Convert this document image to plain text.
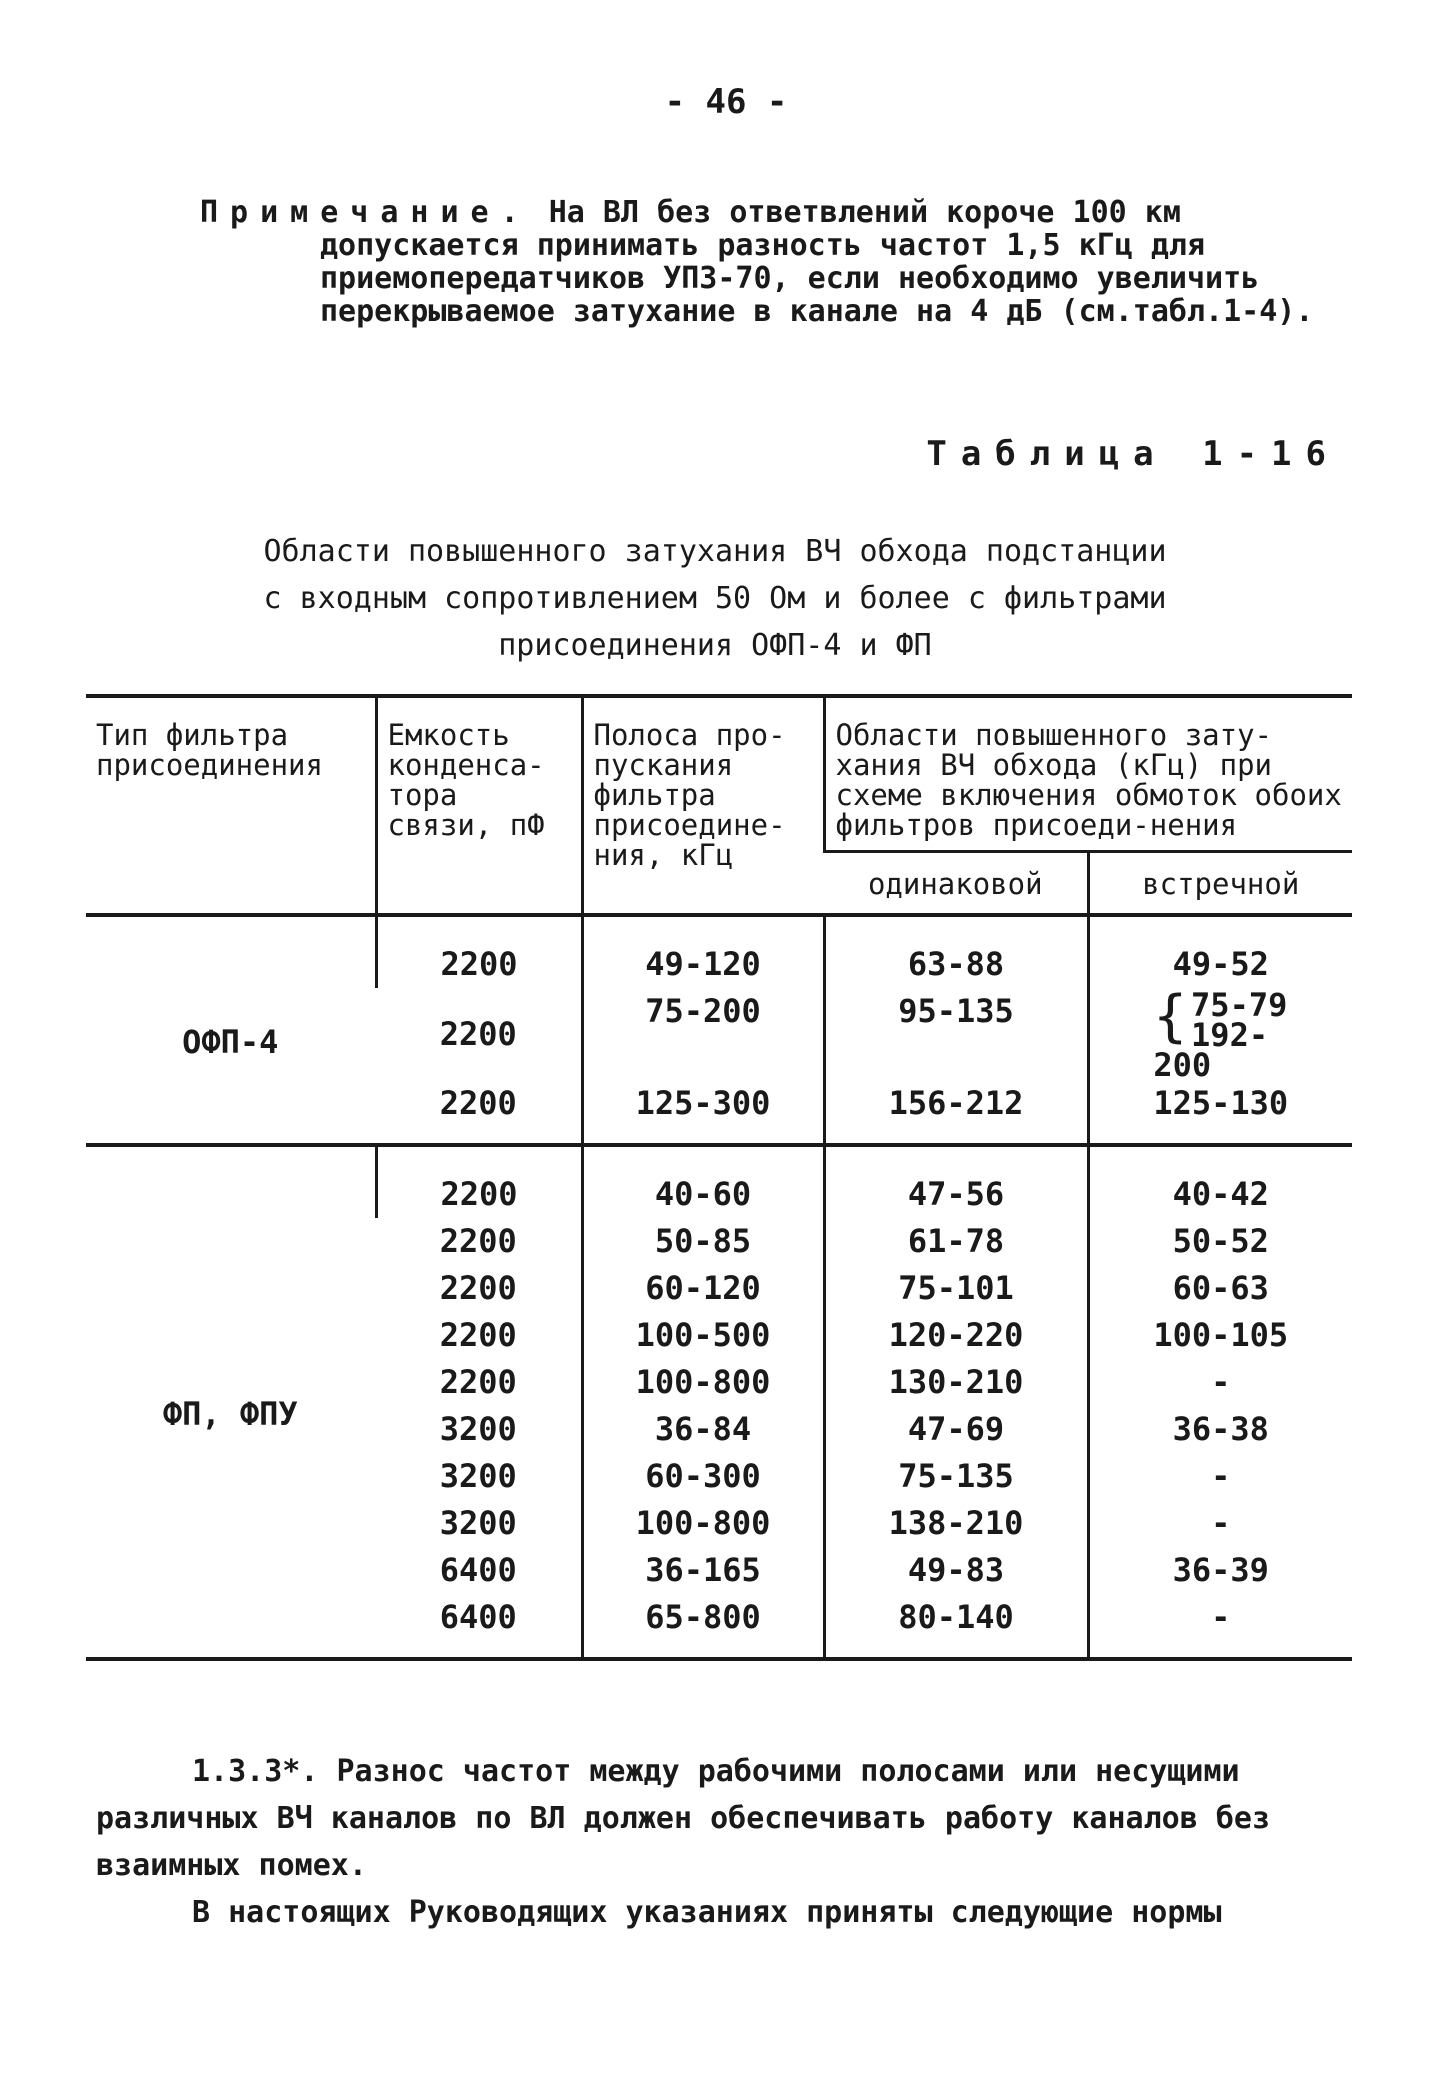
- 46 -
Примечание. На ВЛ без ответвлений короче 100 км
допускается принимать разность частот 1,5 кГц для
приемопередатчиков УПЗ-70, если необходимо увеличить
перекрываемое затухание в канале на 4 дБ (см.табл.1-4).
Таблица 1-16
Области повышенного затухания ВЧ обхода подстанции
с входным сопротивлением 50 Ом и более с фильтрами
присоединения ОФП-4 и ФП
Тип фильтра присоединения	Емкость конденса-тора связи, пФ	Полоса про-пускания фильтра присоедине-ния, кГц	Области повышенного зату-хания ВЧ обхода (кГц) при схеме включения обмоток обоих фильтров присоеди-нения	
			одинаковой	встречной
ОФП-4	2200	49-120	63-88	49-52
	2200	75-200	95-135	{ 75-79
192-200

	2200	125-300	156-212	125-130
ФП, ФПУ	2200	40-60	47-56	40-42
	2200	50-85	61-78	50-52
	2200	60-120	75-101	60-63
	2200	100-500	120-220	100-105
	2200	100-800	130-210	-
	3200	36-84	47-69	36-38
	3200	60-300	75-135	-
	3200	100-800	138-210	-
	6400	36-165	49-83	36-39
	6400	65-800	80-140	-
1.3.3*. Разнос частот между рабочими полосами или несущими различных ВЧ каналов по ВЛ должен обеспечивать работу каналов без взаимных помех.
В настоящих Руководящих указаниях приняты следующие нормы
